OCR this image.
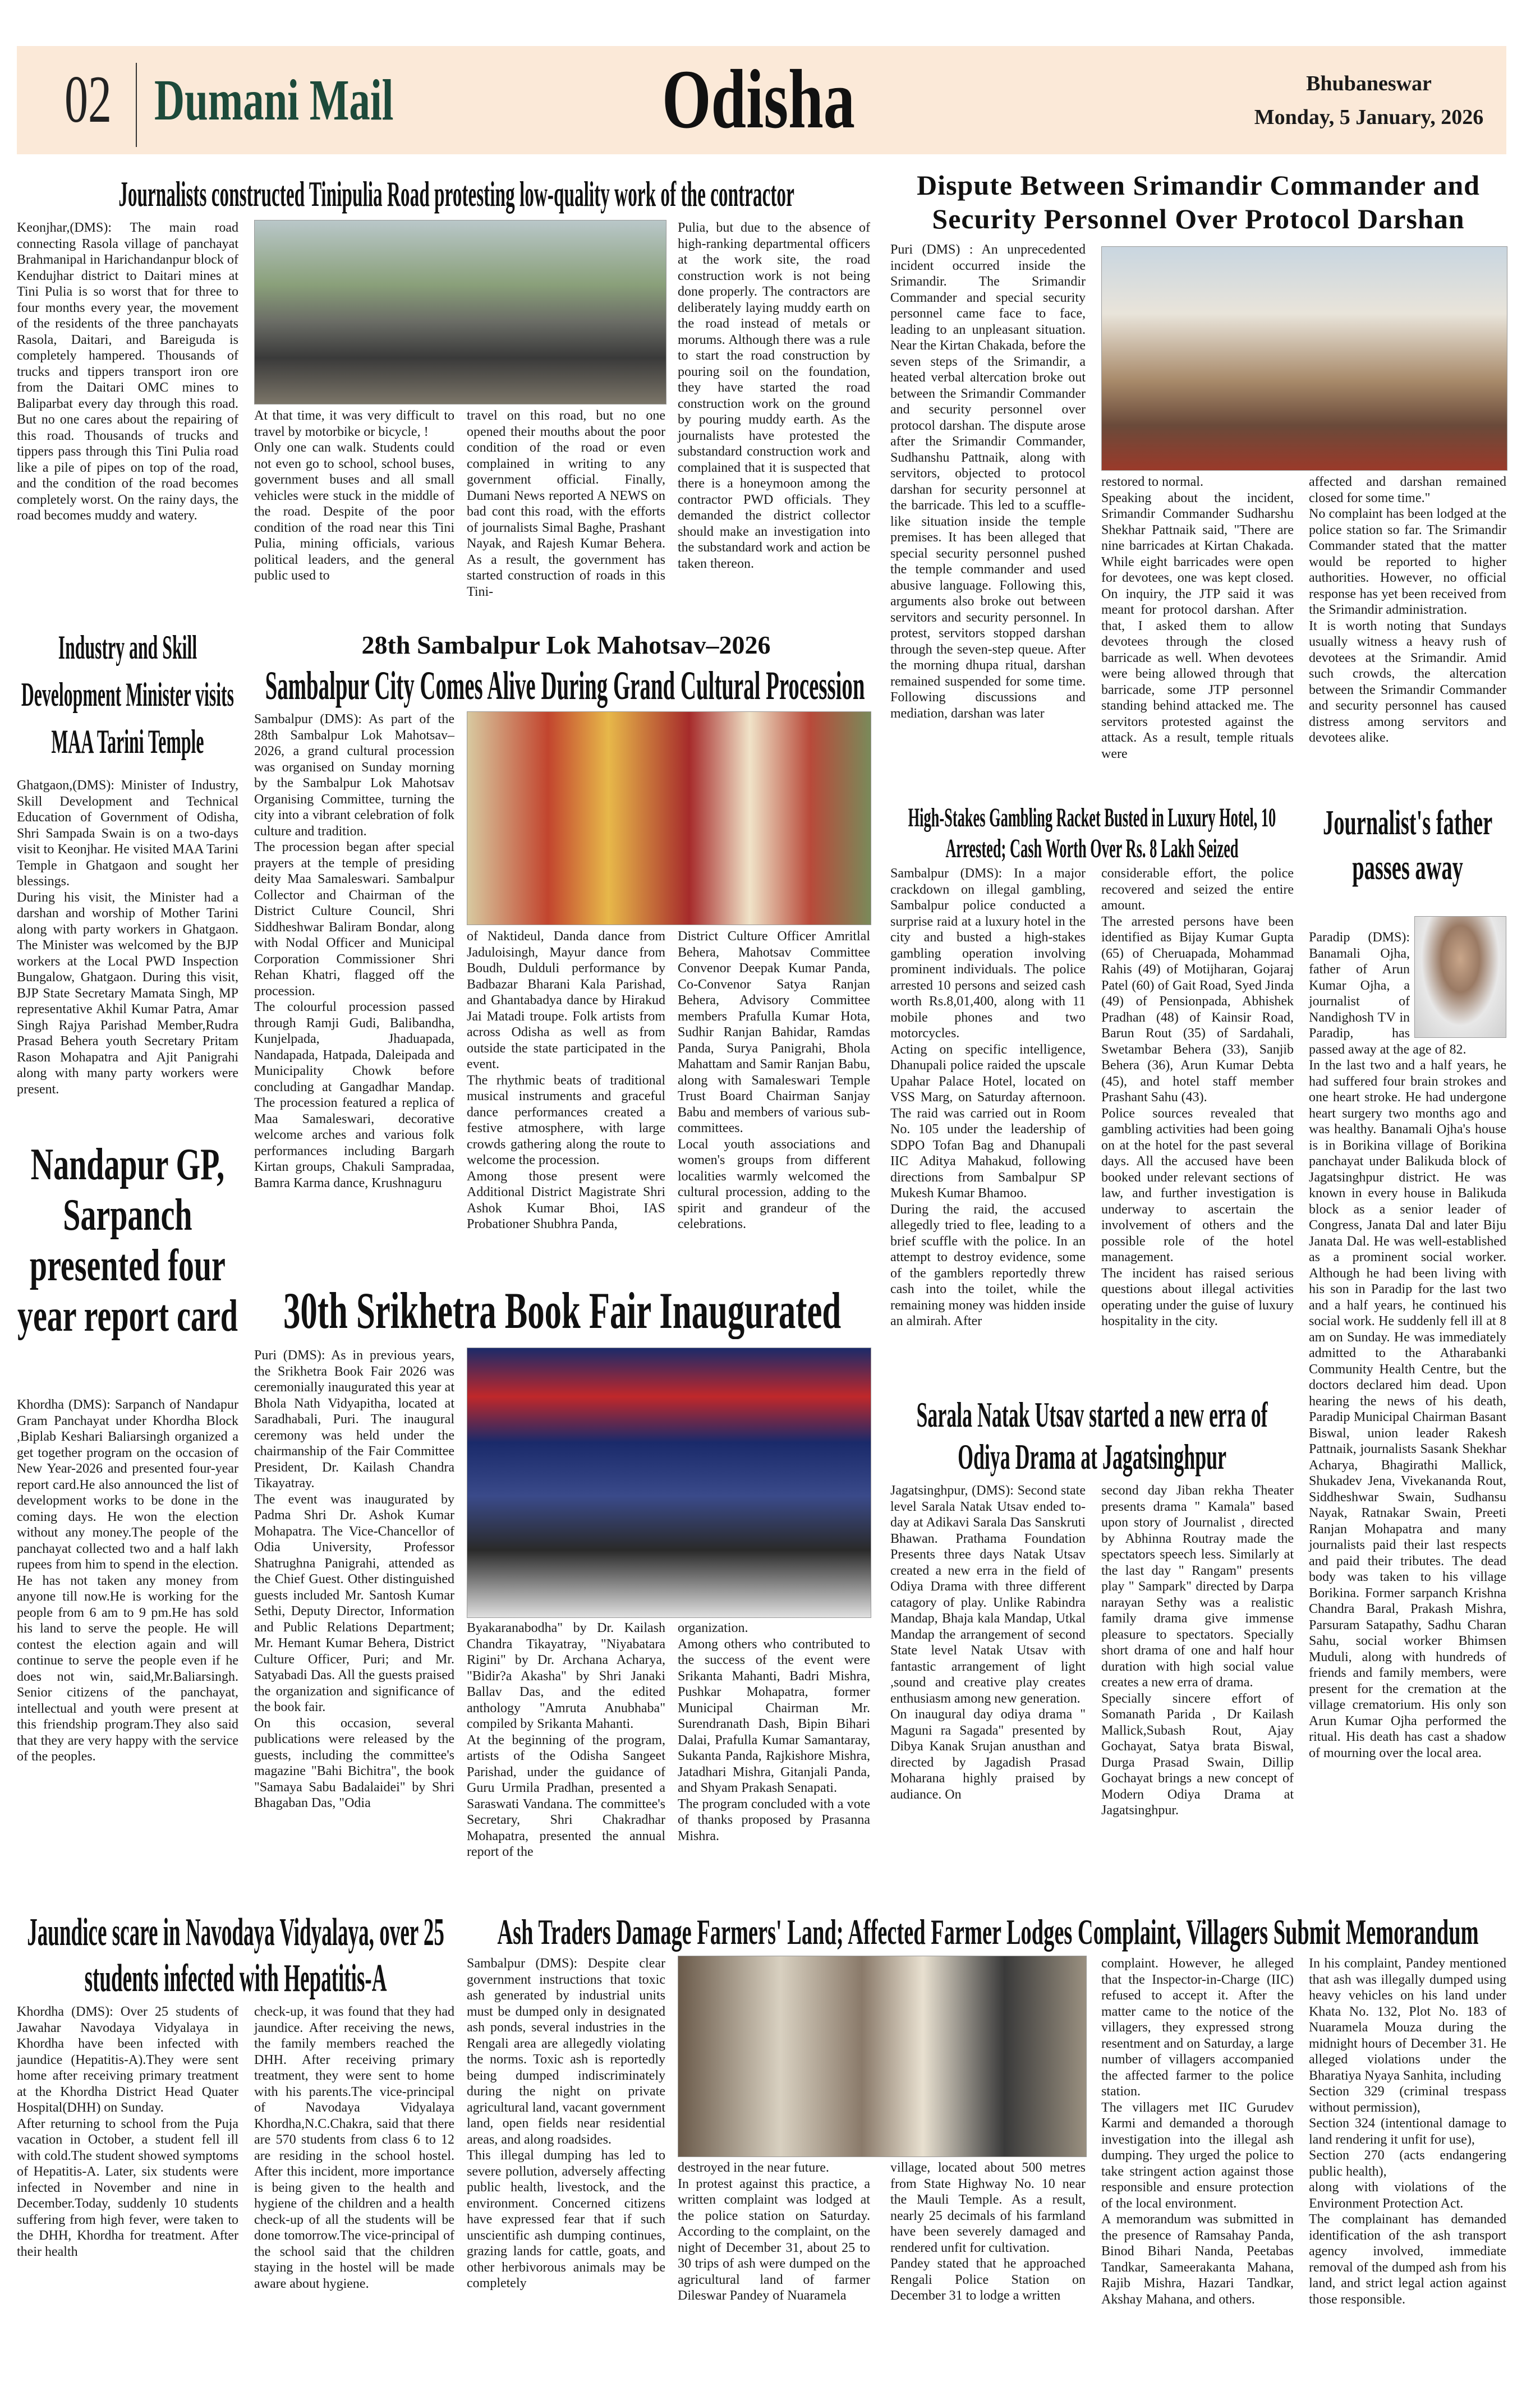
02 Dumani Mail	Odisha	Bhubaneswar
Monday, 5 January, 2026
Journalists constructed Tinipulia Road protesting low-quality work of the contractor
Keonjhar,(DMS): The main road connecting Rasola village of panchayat Brahmanipal in Harichandanpur block of Kendujhar district to Daitari mines at Tini Pulia is so worst that for three to four months every year, the movement of the residents of the three panchayats Rasola, Daitari, and Bareiguda is completely hampered. Thousands of trucks and tippers transport iron ore from the Daitari OMC mines to Baliparbat every day through this road. But no one cares about the repairing of this road. Thousands of trucks and tippers pass through this Tini Pulia road like a pile of pipes on top of the road, and the condition of the road becomes completely worst. On the rainy days, the road becomes muddy and watery.
At that time, it was very difficult to travel by motorbike or bicycle, !
Only one can walk. Students could not even go to school, school buses, government buses and all small vehicles were stuck in the middle of the road. Despite of the poor condition of the road near this Tini Pulia, mining officials, various political leaders, and the general public used to
travel on this road, but no one opened their mouths about the poor condition of the road or even complained in writing to any government official. Finally, Dumani News reported A NEWS on bad cont this road, with the efforts of journalists Simal Baghe, Prashant Nayak, and Rajesh Kumar Behera. As a result, the government has started construction of roads in this Tini-
Pulia, but due to the absence of high-ranking departmental officers at the work site, the road construction work is not being done properly. The contractors are deliberately laying muddy earth on the road instead of metals or morums. Although there was a rule to start the road construction by pouring soil on the foundation, they have started the road construction work on the ground by pouring muddy earth. As the journalists have protested the substandard construction work and complained that it is suspected that there is a honeymoon among the contractor PWD officials. They demanded the district collector should make an investigation into the substandard work and action be taken thereon.
Dispute Between Srimandir Commander and Security Personnel Over Protocol Darshan
Puri (DMS) : An unprecedented incident occurred inside the Srimandir. The Srimandir Commander and special security personnel came face to face, leading to an unpleasant situation. Near the Kirtan Chakada, before the seven steps of the Srimandir, a heated verbal altercation broke out between the Srimandir Commander and security personnel over protocol darshan. The dispute arose after the Srimandir Commander, Sudhanshu Pattnaik, along with servitors, objected to protocol darshan for security personnel at the barricade. This led to a scuffle-like situation inside the temple premises. It has been alleged that special security personnel pushed the temple commander and used abusive language. Following this, arguments also broke out between servitors and security personnel. In protest, servitors stopped darshan through the seven-step queue. After the morning dhupa ritual, darshan remained suspended for some time. Following discussions and mediation, darshan was later
restored to normal.
Speaking about the incident, Srimandir Commander Sudharshu Shekhar Pattnaik said, "There are nine barricades at Kirtan Chakada. While eight barricades were open for devotees, one was kept closed. On inquiry, the JTP said it was meant for protocol darshan. After that, I asked them to allow devotees through the closed barricade as well. When devotees were being allowed through that barricade, some JTP personnel standing behind attacked me. The servitors protested against the attack. As a result, temple rituals were
affected and darshan remained closed for some time."
No complaint has been lodged at the police station so far. The Srimandir Commander stated that the matter would be reported to higher authorities. However, no official response has yet been received from the Srimandir administration.
It is worth noting that Sundays usually witness a heavy rush of devotees at the Srimandir. Amid such crowds, the altercation between the Srimandir Commander and security personnel has caused distress among servitors and devotees alike.
Industry and Skill Development Minister visits MAA Tarini Temple
Ghatgaon,(DMS): Minister of Industry, Skill Development and Technical Education of Government of Odisha, Shri Sampada Swain is on a two-days visit to Keonjhar. He visited MAA Tarini Temple in Ghatgaon and sought her blessings.
During his visit, the Minister had a darshan and worship of Mother Tarini along with party workers in Ghatgaon. The Minister was welcomed by the BJP workers at the Local PWD Inspection Bungalow, Ghatgaon. During this visit, BJP State Secretary Mamata Singh, MP representative Akhil Kumar Patra, Amar Singh Rajya Parishad Member,Rudra Prasad Behera youth Secretary Pritam Rason Mohapatra and Ajit Panigrahi along with many party workers were present.
28th Sambalpur Lok Mahotsav–2026
Sambalpur City Comes Alive During Grand Cultural Procession
Sambalpur (DMS): As part of the 28th Sambalpur Lok Mahotsav–2026, a grand cultural procession was organised on Sunday morning by the Sambalpur Lok Mahotsav Organising Committee, turning the city into a vibrant celebration of folk culture and tradition.
The procession began after special prayers at the temple of presiding deity Maa Samaleswari. Sambalpur Collector and Chairman of the District Culture Council, Shri Siddheshwar Baliram Bondar, along with Nodal Officer and Municipal Corporation Commissioner Shri Rehan Khatri, flagged off the procession.
The colourful procession passed through Ramji Gudi, Balibandha, Kunjelpada, Jhaduapada, Nandapada, Hatpada, Daleipada and Municipality Chowk before concluding at Gangadhar Mandap. The procession featured a replica of Maa Samaleswari, decorative welcome arches and various folk performances including Bargarh Kirtan groups, Chakuli Sampradaa, Bamra Karma dance, Krushnaguru
of Naktideul, Danda dance from Jaduloisingh, Mayur dance from Boudh, Dulduli performance by Badbazar Bharani Kala Parishad, and Ghantabadya dance by Hirakud Jai Matadi troupe. Folk artists from across Odisha as well as from outside the state participated in the event.
The rhythmic beats of traditional musical instruments and graceful dance performances created a festive atmosphere, with large crowds gathering along the route to welcome the procession.
Among those present were Additional District Magistrate Shri Ashok Kumar Bhoi, IAS Probationer Shubhra Panda,
District Culture Officer Amritlal Behera, Mahotsav Committee Convenor Deepak Kumar Panda, Co-Convenor Satya Ranjan Behera, Advisory Committee members Prafulla Kumar Hota, Sudhir Ranjan Bahidar, Ramdas Panda, Surya Panigrahi, Bhola Mahattam and Samir Ranjan Babu, along with Samaleswari Temple Trust Board Chairman Sanjay Babu and members of various sub-committees.
Local youth associations and women's groups from different localities warmly welcomed the cultural procession, adding to the spirit and grandeur of the celebrations.
High-Stakes Gambling Racket Busted in Luxury Hotel, 10 Arrested; Cash Worth Over Rs. 8 Lakh Seized
Sambalpur (DMS): In a major crackdown on illegal gambling, Sambalpur police conducted a surprise raid at a luxury hotel in the city and busted a high-stakes gambling operation involving prominent individuals. The police arrested 10 persons and seized cash worth Rs.8,01,400, along with 11 mobile phones and two motorcycles.
Acting on specific intelligence, Dhanupali police raided the upscale Upahar Palace Hotel, located on VSS Marg, on Saturday afternoon. The raid was carried out in Room No. 105 under the leadership of SDPO Tofan Bag and Dhanupali IIC Aditya Mahakud, following directions from Sambalpur SP Mukesh Kumar Bhamoo.
During the raid, the accused allegedly tried to flee, leading to a brief scuffle with the police. In an attempt to destroy evidence, some of the gamblers reportedly threw cash into the toilet, while the remaining money was hidden inside an almirah. After
considerable effort, the police recovered and seized the entire amount.
The arrested persons have been identified as Bijay Kumar Gupta (65) of Cheruapada, Mohammad Rahis (49) of Motijharan, Gojaraj Patel (60) of Gait Road, Syed Jinda (49) of Pensionpada, Abhishek Pradhan (48) of Kainsir Road, Barun Rout (35) of Sardahali, Swetambar Behera (33), Sanjib Behera (36), Arun Kumar Debta (45), and hotel staff member Prashant Sahu (43).
Police sources revealed that gambling activities had been going on at the hotel for the past several days. All the accused have been booked under relevant sections of law, and further investigation is underway to ascertain the involvement of others and the possible role of the hotel management.
The incident has raised serious questions about illegal activities operating under the guise of luxury hospitality in the city.
Journalist's father passes away

Paradip (DMS): Banamali Ojha, father of Arun Kumar Ojha, a journalist of Nandighosh TV in Paradip, has passed away at the age of 82.
In the last two and a half years, he had suffered four brain strokes and one heart stroke. He had undergone heart surgery two months ago and was healthy. Banamali Ojha's house is in Borikina village of Borikina panchayat under Balikuda block of Jagatsinghpur district. He was known in every house in Balikuda block as a senior leader of Congress, Janata Dal and later Biju Janata Dal. He was well-established as a prominent social worker. Although he had been living with his son in Paradip for the last two and a half years, he continued his social work. He suddenly fell ill at 8 am on Sunday. He was immediately admitted to the Atharabanki Community Health Centre, but the doctors declared him dead. Upon hearing the news of his death, Paradip Municipal Chairman Basant Biswal, union leader Rakesh Pattnaik, journalists Sasank Shekhar Acharya, Bhagirathi Mallick, Shukadev Jena, Vivekananda Rout, Siddheshwar Swain, Sudhansu Nayak, Ratnakar Swain, Preeti Ranjan Mohapatra and many journalists paid their last respects and paid their tributes. The dead body was taken to his village Borikina. Former sarpanch Krishna Chandra Baral, Prakash Mishra, Parsuram Satapathy, Sadhu Charan Sahu, social worker Bhimsen Muduli, along with hundreds of friends and family members, were present for the cremation at the village crematorium. His only son Arun Kumar Ojha performed the ritual. His death has cast a shadow of mourning over the local area.

Nandapur GP, Sarpanch presented four year report card
Khordha (DMS): Sarpanch of Nandapur Gram Panchayat under Khordha Block ,Biplab Keshari Baliarsingh organized a get together program on the occasion of New Year-2026 and presented four-year report card.He also announced the list of development works to be done in the coming days. He won the election without any money.The people of the panchayat collected two and a half lakh rupees from him to spend in the election. He has not taken any money from anyone till now.He is working for the people from 6 am to 9 pm.He has sold his land to serve the people. He will contest the election again and will continue to serve the people even if he does not win, said,Mr.Baliarsingh. Senior citizens of the panchayat, intellectual and youth were present at this friendship program.They also said that they are very happy with the service of the peoples.
30th Srikhetra Book Fair Inaugurated
Puri (DMS): As in previous years, the Srikhetra Book Fair 2026 was ceremonially inaugurated this year at Bhola Nath Vidyapitha, located at Saradhabali, Puri. The inaugural ceremony was held under the chairmanship of the Fair Committee President, Dr. Kailash Chandra Tikayatray.
The event was inaugurated by Padma Shri Dr. Ashok Kumar Mohapatra. The Vice-Chancellor of Odia University, Professor Shatrughna Panigrahi, attended as the Chief Guest. Other distinguished guests included Mr. Santosh Kumar Sethi, Deputy Director, Information and Public Relations Department; Mr. Hemant Kumar Behera, District Culture Officer, Puri; and Mr. Satyabadi Das. All the guests praised the organization and significance of the book fair.
On this occasion, several publications were released by the guests, including the committee's magazine "Bahi Bichitra", the book "Samaya Sabu Badalaidei" by Shri Bhagaban Das, "Odia
Byakaranabodha" by Dr. Kailash Chandra Tikayatray, "Niyabatara Rigini" by Dr. Archana Acharya, "Bidir?a Akasha" by Shri Janaki Ballav Das, and the edited anthology "Amruta Anubhaba" compiled by Srikanta Mahanti.
At the beginning of the program, artists of the Odisha Sangeet Parishad, under the guidance of Guru Urmila Pradhan, presented a Saraswati Vandana. The committee's Secretary, Shri Chakradhar Mohapatra, presented the annual report of the
organization.
Among others who contributed to the success of the event were Srikanta Mahanti, Badri Mishra, Pushkar Mohapatra, former Municipal Chairman Mr. Surendranath Dash, Bipin Bihari Dalai, Prafulla Kumar Samantaray, Sukanta Panda, Rajkishore Mishra, Jatadhari Mishra, Gitanjali Panda, and Shyam Prakash Senapati.
The program concluded with a vote of thanks proposed by Prasanna Mishra.
Sarala Natak Utsav started a new erra of Odiya Drama at Jagatsinghpur
Jagatsinghpur, (DMS): Second state level Sarala Natak Utsav ended to- day at Adikavi Sarala Das Sanskruti Bhawan. Prathama Foundation Presents three days Natak Utsav created a new erra in the field of Odiya Drama with three different catagory of play. Unlike Rabindra Mandap, Bhaja kala Mandap, Utkal Mandap the arrangement of second State level Natak Utsav with fantastic arrangement of light ,sound and creative play creates enthusiasm among new generation.
On inaugural day odiya drama " Maguni ra Sagada" presented by Dibya Kanak Srujan anusthan and directed by Jagadish Prasad Moharana highly praised by audiance. On
second day Jiban rekha Theater presents drama " Kamala" based upon story of Journalist , directed by Abhinna Routray made the spectators speech less. Similarly at the last day " Rangam" presents play " Sampark" directed by Darpa narayan Sethy was a realistic family drama give immense pleasure to spectators. Specially short drama of one and half hour duration with high social value creates a new erra of drama.
Specially sincere effort of Somanath Parida , Dr Kailash Mallick,Subash Rout, Ajay Gochayat, Satya brata Biswal, Durga Prasad Swain, Dillip Gochayat brings a new concept of Modern Odiya Drama at Jagatsinghpur.
Jaundice scare in Navodaya Vidyalaya, over 25 students infected with Hepatitis-A
Khordha (DMS): Over 25 students of Jawahar Navodaya Vidyalaya in Khordha have been infected with jaundice (Hepatitis-A).They were sent home after receiving primary treatment at the Khordha District Head Quater Hospital(DHH) on Sunday.
After returning to school from the Puja vacation in October, a student fell ill with cold.The student showed symptoms of Hepatitis-A. Later, six students were infected in November and nine in December.Today, suddenly 10 students suffering from high fever, were taken to the DHH, Khordha for treatment. After their health
check-up, it was found that they had jaundice. After receiving the news, the family members reached the DHH. After receiving primary treatment, they were sent to home with his parents.The vice-principal of Navodaya Vidyalaya Khordha,N.C.Chakra, said that there are 570 students from class 6 to 12 are residing in the school hostel. After this incident, more importance is being given to the health and hygiene of the children and a health check-up of all the students will be done tomorrow.The vice-principal of the school said that the children staying in the hostel will be made aware about hygiene.
Ash Traders Damage Farmers' Land; Affected Farmer Lodges Complaint, Villagers Submit Memorandum
Sambalpur (DMS): Despite clear government instructions that toxic ash generated by industrial units must be dumped only in designated ash ponds, several industries in the Rengali area are allegedly violating the norms. Toxic ash is reportedly being dumped indiscriminately during the night on private agricultural land, vacant government land, open fields near residential areas, and along roadsides.
This illegal dumping has led to severe pollution, adversely affecting public health, livestock, and the environment. Concerned citizens have expressed fear that if such unscientific ash dumping continues, grazing lands for cattle, goats, and other herbivorous animals may be completely
destroyed in the near future.
In protest against this practice, a written complaint was lodged at the police station on Saturday. According to the complaint, on the night of December 31, about 25 to 30 trips of ash were dumped on the agricultural land of farmer Dileswar Pandey of Nuaramela
village, located about 500 metres from State Highway No. 10 near the Mauli Temple. As a result, nearly 25 decimals of his farmland have been severely damaged and rendered unfit for cultivation.
Pandey stated that he approached Rengali Police Station on December 31 to lodge a written
complaint. However, he alleged that the Inspector-in-Charge (IIC) refused to accept it. After the matter came to the notice of the villagers, they expressed strong resentment and on Saturday, a large number of villagers accompanied the affected farmer to the police station.
The villagers met IIC Gurudev Karmi and demanded a thorough investigation into the illegal ash dumping. They urged the police to take stringent action against those responsible and ensure protection of the local environment.
A memorandum was submitted in the presence of Ramsahay Panda, Binod Bihari Nanda, Peetabas Tandkar, Sameerakanta Mahana, Rajib Mishra, Hazari Tandkar, Akshay Mahana, and others.
In his complaint, Pandey mentioned that ash was illegally dumped using heavy vehicles on his land under Khata No. 132, Plot No. 183 of Nuaramela Mouza during the midnight hours of December 31. He alleged violations under the Bharatiya Nyaya Sanhita, including
Section 329 (criminal trespass without permission),
Section 324 (intentional damage to land rendering it unfit for use),
Section 270 (acts endangering public health),
along with violations of the Environment Protection Act.
The complainant has demanded identification of the ash transport agency involved, immediate removal of the dumped ash from his land, and strict legal action against those responsible.
